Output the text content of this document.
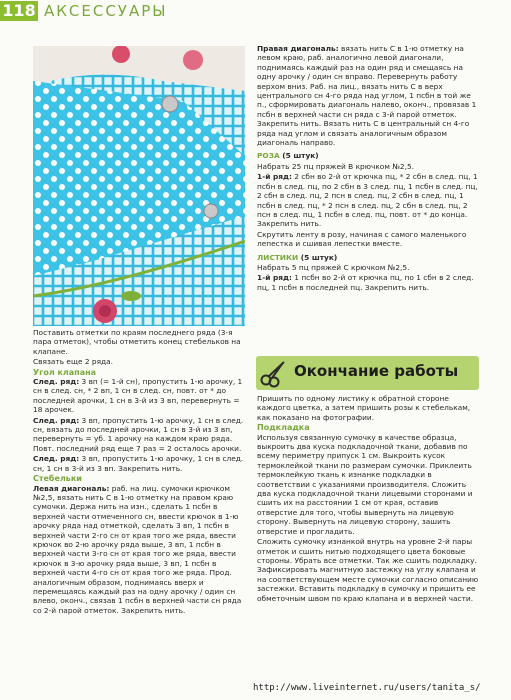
118 АКСЕССУАРЫ

Поставить отметки по краям последнего ряда (3-я пара отметок), чтобы отметить конец стебельков на клапане.

Связать еще 2 ряда.

Угол клапана

След. ряд: 3 вп (= 1-й сн), пропустить 1-ю арочку, 1 сн в след. сн, * 2 вп, 1 сн в след. сн, повт. от * до последней арочки, 1 сн в 3-й из 3 вп, перевернуть = 18 арочек.

След. ряд: 3 вп, пропустить 1-ю арочку, 1 сн в след. сн, вязать до последней арочки, 1 сн в 3-й из 3 вп, перевернуть = уб. 1 арочку на каждом краю ряда. Повт. последний ряд еще 7 раз = 2 осталось арочки.

След. ряд: 3 вп, пропустить 1-ю арочку, 1 сн в след. сн, 1 сн в 3-й из 3 вп. Закрепить нить.

Стебельки

Левая диагональ: раб. на лиц. сумочки крючком №2,5, вязать нить С в 1-ю отметку на правом краю сумочки. Держа нить на изн., сделать 1 псбн в верхней части отмеченного сн, ввести крючок в 1-ю арочку ряда над отметкой, сделать 3 вп, 1 псбн в верхней части 2-го сн от края того же ряда, ввести крючок во 2-ю арочку ряда выше, 3 вп, 1 псбн в верхней части 3-го сн от края того же ряда, ввести крючок в 3-ю арочку ряда выше, 3 вп, 1 псбн в верхней части 4-го сн от края того же ряда. Прод. аналогичным образом, поднимаясь вверх и перемещаясь каждый раз на одну арочку / один сн влево, оконч., связав 1 псбн в верхней части сн ряда со 2-й парой отметок. Закрепить нить.

Правая диагональ: вязать нить С в 1-ю отметку на левом краю, раб. аналогично левой диагонали, поднимаясь каждый раз на один ряд и смещаясь на одну арочку / один сн вправо. Перевернуть работу верхом вниз. Раб. на лиц., вязать нить С в верх центрального сн 4-го ряда над углом, 1 псбн в той же п., сформировать диагональ налево, оконч., провязав 1 псбн в верхней части сн ряда с 3-й парой отметок. Закрепить нить. Вязать нить С в центральный сн 4-го ряда над углом и связать аналогичным образом диагональ направо.

РОЗА (5 штук)

Набрать 25 пц пряжей В крючком №2,5.

1-й ряд: 2 сбн во 2-й от крючка пц, * 2 сбн в след. пц, 1 псбн в след. пц, по 2 сбн в 3 след. пц, 1 псбн в след. пц, 2 сбн в след. пц, 2 псн в след. пц, 2 сбн в след. пц, 1 псбн в след. пц, * 2 псн в след. пц, 2 сбн в след. пц, 2 псн в след. пц, 1 псбн в след. пц, повт. от * до конца. Закрепить нить.

Скрутить ленту в розу, начиная с самого маленького лепестка и сшивая лепестки вместе.

ЛИСТИКИ (5 штук)

Набрать 5 пц пряжей С крючком №2,5.

1-й ряд: 1 псбн во 2-й от крючка пц, по 1 сбн в 2 след. пц, 1 псбн в последней пц. Закрепить нить.

Окончание работы

Пришить по одному листику к обратной стороне каждого цветка, а затем пришить розы к стебелькам, как показано на фотографии.

Подкладка

Используя связанную сумочку в качестве образца, выкроить два куска подкладочной ткани, добавив по всему периметру припуск 1 см. Выкроить кусок термоклейкой ткани по размерам сумочки. Приклеить термоклейкую ткань к изнанке подкладки в соответствии с указаниями производителя. Сложить два куска подкладочной ткани лицевыми сторонами и сшить их на расстоянии 1 см от края, оставив отверстие для того, чтобы вывернуть на лицевую сторону. Вывернуть на лицевую сторону, зашить отверстие и прогладить.

Сложить сумочку изнанкой внутрь на уровне 2-й пары отметок и сшить нитью подходящего цвета боковые стороны. Убрать все отметки. Так же сшить подкладку. Зафиксировать магнитную застежку на углу клапана и на соответствующем месте сумочки согласно описанию застежки. Вставить подкладку в сумочку и пришить ее обметочным швом по краю клапана и в верхней части.

http://www.liveinternet.ru/users/tanita_s/
